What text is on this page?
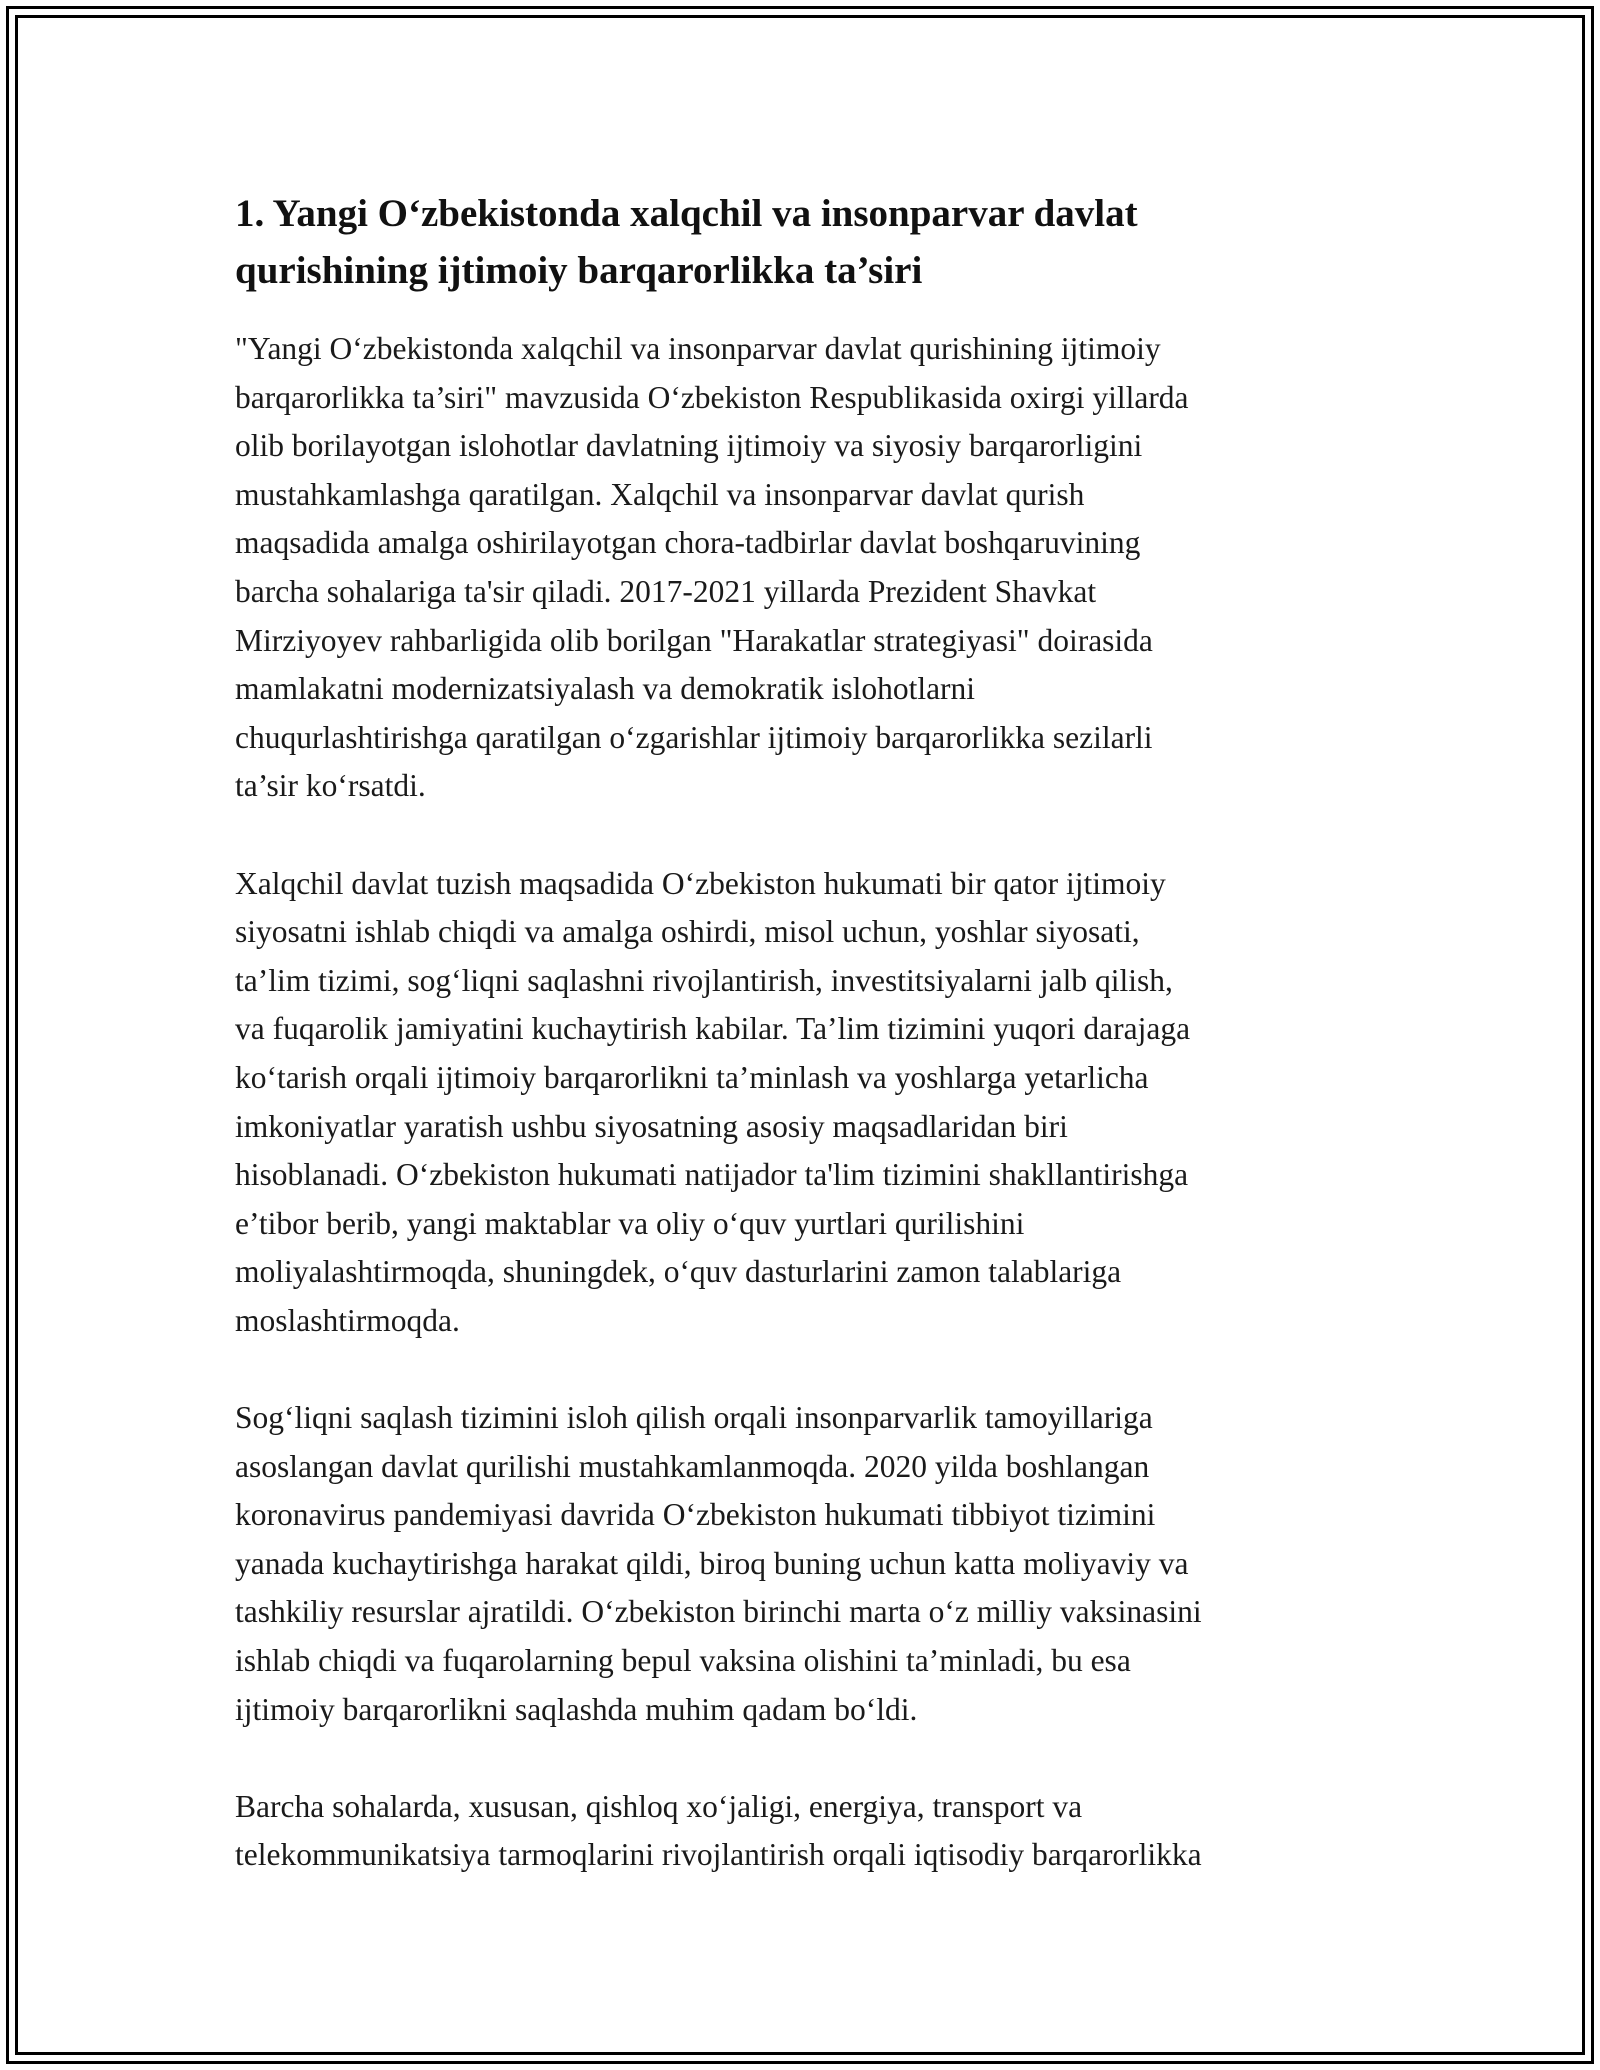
1. Yangi O‘zbekistonda xalqchil va insonparvar davlat
qurishining ijtimoiy barqarorlikka ta’siri

"Yangi O‘zbekistonda xalqchil va insonparvar davlat qurishining ijtimoiy
barqarorlikka ta’siri" mavzusida O‘zbekiston Respublikasida oxirgi yillarda
olib borilayotgan islohotlar davlatning ijtimoiy va siyosiy barqarorligini
mustahkamlashga qaratilgan. Xalqchil va insonparvar davlat qurish
maqsadida amalga oshirilayotgan chora-tadbirlar davlat boshqaruvining
barcha sohalariga ta'sir qiladi. 2017-2021 yillarda Prezident Shavkat
Mirziyoyev rahbarligida olib borilgan "Harakatlar strategiyasi" doirasida
mamlakatni modernizatsiyalash va demokratik islohotlarni
chuqurlashtirishga qaratilgan o‘zgarishlar ijtimoiy barqarorlikka sezilarli
ta’sir ko‘rsatdi.

Xalqchil davlat tuzish maqsadida O‘zbekiston hukumati bir qator ijtimoiy
siyosatni ishlab chiqdi va amalga oshirdi, misol uchun, yoshlar siyosati,
ta’lim tizimi, sog‘liqni saqlashni rivojlantirish, investitsiyalarni jalb qilish,
va fuqarolik jamiyatini kuchaytirish kabilar. Ta’lim tizimini yuqori darajaga
ko‘tarish orqali ijtimoiy barqarorlikni ta’minlash va yoshlarga yetarlicha
imkoniyatlar yaratish ushbu siyosatning asosiy maqsadlaridan biri
hisoblanadi. O‘zbekiston hukumati natijador ta'lim tizimini shakllantirishga
e’tibor berib, yangi maktablar va oliy o‘quv yurtlari qurilishini
moliyalashtirmoqda, shuningdek, o‘quv dasturlarini zamon talablariga
moslashtirmoqda.

Sog‘liqni saqlash tizimini isloh qilish orqali insonparvarlik tamoyillariga
asoslangan davlat qurilishi mustahkamlanmoqda. 2020 yilda boshlangan
koronavirus pandemiyasi davrida O‘zbekiston hukumati tibbiyot tizimini
yanada kuchaytirishga harakat qildi, biroq buning uchun katta moliyaviy va
tashkiliy resurslar ajratildi. O‘zbekiston birinchi marta o‘z milliy vaksinasini
ishlab chiqdi va fuqarolarning bepul vaksina olishini ta’minladi, bu esa
ijtimoiy barqarorlikni saqlashda muhim qadam bo‘ldi.

Barcha sohalarda, xususan, qishloq xo‘jaligi, energiya, transport va
telekommunikatsiya tarmoqlarini rivojlantirish orqali iqtisodiy barqarorlikka
